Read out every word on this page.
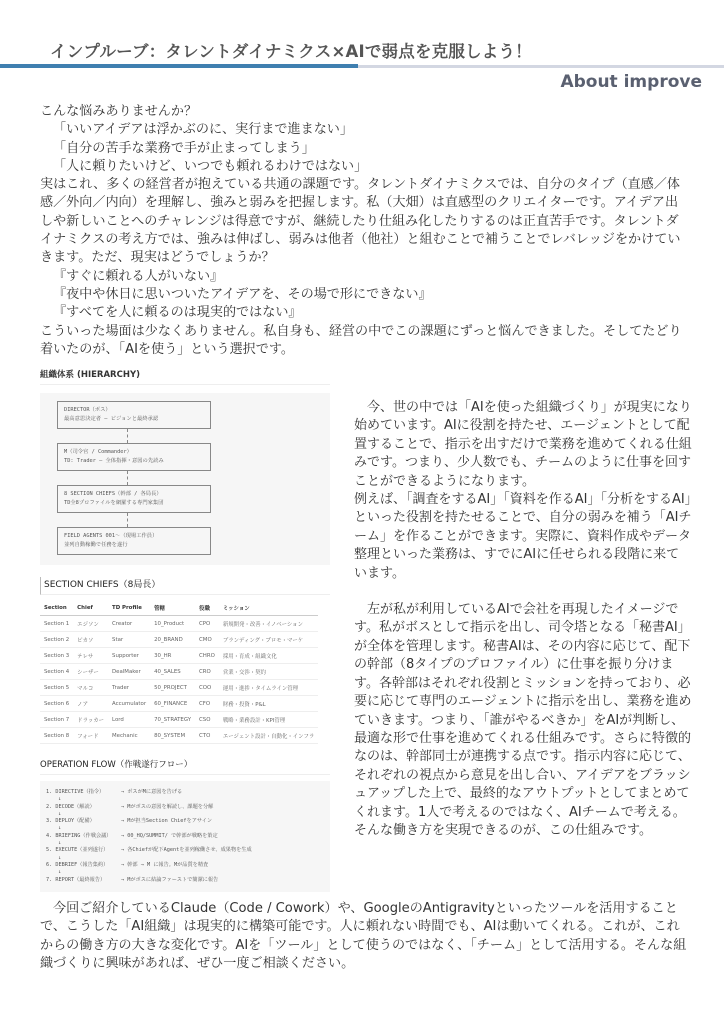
インプルーブ：タレントダイナミクス×AIで弱点を克服しよう！
About improve

こんな悩みありませんか？

「いいアイデアは浮かぶのに、実行まで進まない」

「自分の苦手な業務で手が止まってしまう」

「人に頼りたいけど、いつでも頼れるわけではない」

実はこれ、多くの経営者が抱えている共通の課題です。タレントダイナミクスでは、自分のタイプ（直感／体感／外向／内向）を理解し、強みと弱みを把握します。私（大畑）は直感型のクリエイターです。アイデア出しや新しいことへのチャレンジは得意ですが、継続したり仕組み化したりするのは正直苦手です。タレントダイナミクスの考え方では、強みは伸ばし、弱みは他者（他社）と組むことで補うことでレバレッジをかけていきます。ただ、現実はどうでしょうか？

『すぐに頼れる人がいない』

『夜中や休日に思いついたアイデアを、その場で形にできない』

『すべてを人に頼るのは現実的ではない』

こういった場面は少なくありません。私自身も、経営の中でこの課題にずっと悩んできました。そしてたどり着いたのが、「AIを使う」という選択です。

組織体系 (HIERARCHY)
DIRECTOR（ボス）
最高意思決定者 – ビジョンと最終承認
M（司令官 / Commander）
TD: Trader – 全体指揮・意図の先読み
8 SECTION CHIEFS（幹部 / 各局長）
TD全8プロファイルを網羅する専門家集団
FIELD AGENTS 001～（現場工作員）
並列自動稼働で任務を遂行
SECTION CHIEFS（8局長）
Section	Chief	TD Profile	管轄	役職	ミッション
Section 1	エジソン	Creator	10_Product	CPO	新規開発・改善・イノベーション
Section 2	ピカソ	Star	20_BRAND	CMO	ブランディング・プロモ・マーケ
Section 3	テレサ	Supporter	30_HR	CHRO	採用・育成・組織文化
Section 4	シーザー	DealMaker	40_SALES	CRO	営業・交渉・契約
Section 5	マルコ	Trader	50_PROJECT	COO	運用・進捗・タイムライン管理
Section 6	ノア	Accumulator	60_FINANCE	CFO	財務・投資・P&L
Section 7	ドラッカー	Lord	70_STRATEGY	CSO	戦略・業務設計・KPI管理
Section 8	フォード	Mechanic	80_SYSTEM	CTO	エージェント設計・自動化・インフラ
OPERATION FLOW（作戦遂行フロー）
1. DIRECTIVE（指令）	→ ボスがMに意図を告げる
↓
2. DECODE（解読）	→ Mがボスの意図を解読し、課題を分解
↓
3. DEPLOY（配備）	→ Mが担当Section Chiefをアサイン
↓
4. BRIEFING（作戦会議）	→ 00_HQ/SUMMIT/ で幹部が戦略を策定
↓
5. EXECUTE（並列遂行）	→ 各Chiefが配下Agentを並列稼働させ、成果物を生成
↓
6. DEBRIEF（報告集約）	→ 幹部 → M に報告。Mが品質を精査
↓
7. REPORT（最終報告）	→ Mがボスに結論ファーストで簡潔に報告

　今、世の中では「AIを使った組織づくり」が現実になり始めています。AIに役割を持たせ、エージェントとして配置することで、指示を出すだけで業務を進めてくれる仕組みです。つまり、少人数でも、チームのように仕事を回すことができるようになります。

例えば、「調査をするAI」「資料を作るAI」「分析をするAI」といった役割を持たせることで、自分の弱みを補う「AIチーム」を作ることができます。実際に、資料作成やデータ整理といった業務は、すでにAIに任せられる段階に来ています。

　左が私が利用しているAIで会社を再現したイメージです。私がボスとして指示を出し、司令塔となる「秘書AI」が全体を管理します。秘書AIは、その内容に応じて、配下の幹部（8タイプのプロファイル）に仕事を振り分けます。各幹部はそれぞれ役割とミッションを持っており、必要に応じて専門のエージェントに指示を出し、業務を進めていきます。つまり、「誰がやるべきか」をAIが判断し、最適な形で仕事を進めてくれる仕組みです。さらに特徴的なのは、幹部同士が連携する点です。指示内容に応じて、それぞれの視点から意見を出し合い、アイデアをブラッシュアップした上で、最終的なアウトプットとしてまとめてくれます。1人で考えるのではなく、AIチームで考える。そんな働き方を実現できるのが、この仕組みです。

今回ご紹介しているClaude（Code / Cowork）や、GoogleのAntigravityといったツールを活用することで、こうした「AI組織」は現実的に構築可能です。人に頼れない時間でも、AIは動いてくれる。これが、これからの働き方の大きな変化です。AIを「ツール」として使うのではなく、「チーム」として活用する。そんな組織づくりに興味があれば、ぜひ一度ご相談ください。
